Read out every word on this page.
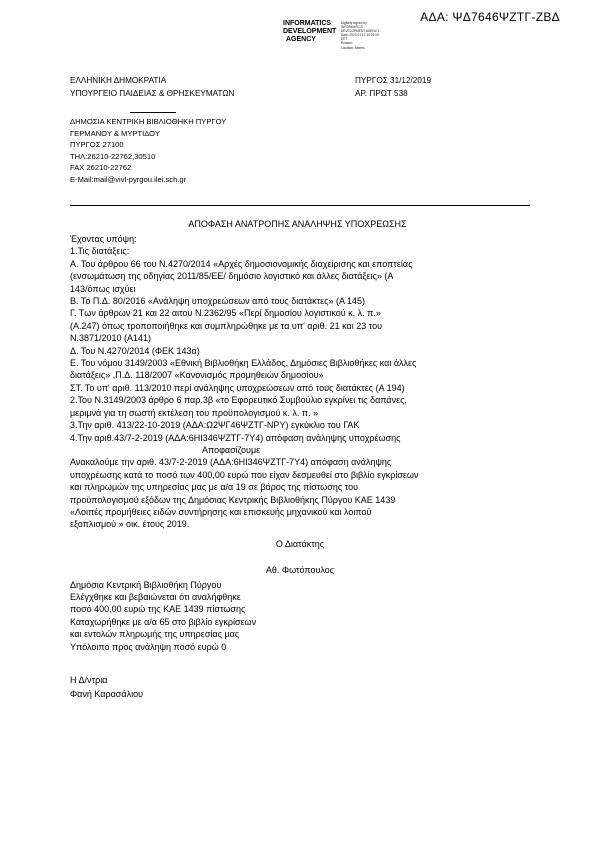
ΑΔΑ: ΨΔ7646ΨΖΤΓ-ΖΒΔ
INFORMATICS
DEVELOPMENT
AGENCY
Digitally signed by
INFORMATICS
DEVELOPMENT AGENCY
Date: 2020.01.13 10:29:09
EET
Reason:
Location: Athens
ΕΛΛΗΝΙΚΗ ΔΗΜΟΚΡΑΤΙΑ
ΥΠΟΥΡΓΕΙΟ ΠΑΙΔΕΙΑΣ & ΘΡΗΣΚΕΥΜΑΤΩΝ
ΠΥΡΓΟΣ 31/12/2019
ΑΡ. ΠΡΩΤ 538
ΔΗΜΟΣΙΑ ΚΕΝΤΡΙΚΗ ΒΙΒΛΙΟΘΗΚΗ ΠΥΡΓΟΥ
ΓΕΡΜΑΝΟΥ & ΜΥΡΤΙΔΟΥ
ΠΥΡΓΟΣ 27100
ΤΗΛ:26210-22762,30510
FAX 26210-22762
E-Mail:mail@vivl-pyrgou.ilei.sch.gr
ΑΠΟΦΑΣΗ ΑΝΑΤΡΟΠΗΣ ΑΝΑΛΗΨΗΣ ΥΠΟΧΡΕΩΣΗΣ
Έχοντας υπόψη:
1.Τις διατάξεις:
Α. Του άρθρου 66 του Ν.4270/2014 «Αρχές δημοσιονομικής διαχείρισης και εποπτείας
(ενσωμάτωση της οδηγίας 2011/85/ΕΕ/ δημόσιο λογιστικό και άλλες διατάξεις» (Α
143/όπως ισχύει
Β. Το Π.Δ. 80/2016 «Ανάληψη υποχρεώσεων από τους διατάκτες» (Α 145)
Γ. Των άρθρων 21 και 22 αιτου Ν.2362/95 «Περί δημοσίου λογιστικού κ. λ. π.»
(Α.247) όπως τροποποιήθηκε και συμπληρώθηκε με τα υπ' αριθ. 21 και 23 του
Ν.3871/2010 (Α141)
Δ. Του Ν.4270/2014 (ΦΕΚ 143α)
Ε. Του νόμου 3149/2003 «Εθνική Βιβλιοθήκη Ελλάδος, Δημόσιες Βιβλιοθήκες και άλλες
διατάξεις» ,Π.Δ. 118/2007 «Κανονισμός προμηθειών δημοσίου»
ΣΤ. Το υπ' αριθ. 113/2010 περί ανάληψης υποχρεώσεων από τους διατάκτες (Α 194)
2.Του Ν.3149/2003 άρθρο 6 παρ.3β «το Εφορευτικό Συμβούλιο εγκρίνει τις δαπάνες,
μεριμνά για τη σωστή εκτέλεση του προϋπολογισμού κ. λ. π. »
3.Την αριθ. 413/22-10-2019 (ΑΔΑ:Ω2ΨΓ46ΨΖΤΓ-ΝΡΥ) εγκύκλιο του ΓΑΚ
4.Την αριθ.43/7-2-2019 (ΑΔΑ:6ΗΙ346ΨΖΤΓ-7Υ4) απόφαση ανάληψης υποχρέωσης
Αποφασίζουμε
Ανακαλούμε την αριθ. 43/7-2-2019 (ΑΔΑ:6ΗΙ346ΨΖΤΓ-7Υ4) απόφαση ανάληψης
υποχρέωσης κατά το ποσό των 400,00 ευρώ που είχαν δεσμευθεί στο βιβλίο εγκρίσεων
και πληρωμών της υπηρεσίας μας με α/α 19 σε βάρος της πίστωσης του
προϋπολογισμού εξόδων της Δημόσιας Κεντρικής Βιβλιοθήκης Πύργου ΚΑΕ 1439
«Λοιπές προμήθειες ειδών συντήρησης και επισκευής μηχανικού και λοιπού
εξοπλισμού » οικ. έτους 2019.
Ο Διατάκτης
Αθ. Φωτόπουλος
Δημόσια Κεντρική Βιβλιοθήκη Πύργου
Ελέγχθηκε και βεβαιώνεται ότι αναλήφθηκε
ποσό 400,00 ευρώ της ΚΑΕ 1439 πίστωσης
Καταχωρήθηκε με α/α 65 στο βιβλίο εγκρίσεων
και εντολών πληρωμής της υπηρεσίας μας
Υπόλοιπο προς ανάληψη ποσό ευρώ 0
Η Δ/ντρια
Φανή Καρασάλιου
